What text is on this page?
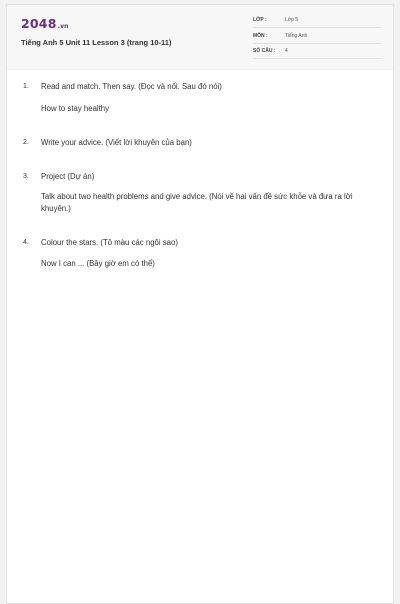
2048.vn
Tiếng Anh 5 Unit 11 Lesson 3 (trang 10-11)
LỚP :	Lớp 5
MÔN :	Tiếng Anh
SỐ CÂU : 4
1. Read and match. Then say. (Đọc và nối. Sau đó nói)
How to stay healthy
2. Write your advice. (Viết lời khuyên của bạn)
3. Project (Dự án)
Talk about two health problems and give advice. (Nói về hai vấn đề sức khỏe và đưa ra lời khuyên.)
4. Colour the stars. (Tô màu các ngôi sao)
Now I can ... (Bây giờ em có thể)
